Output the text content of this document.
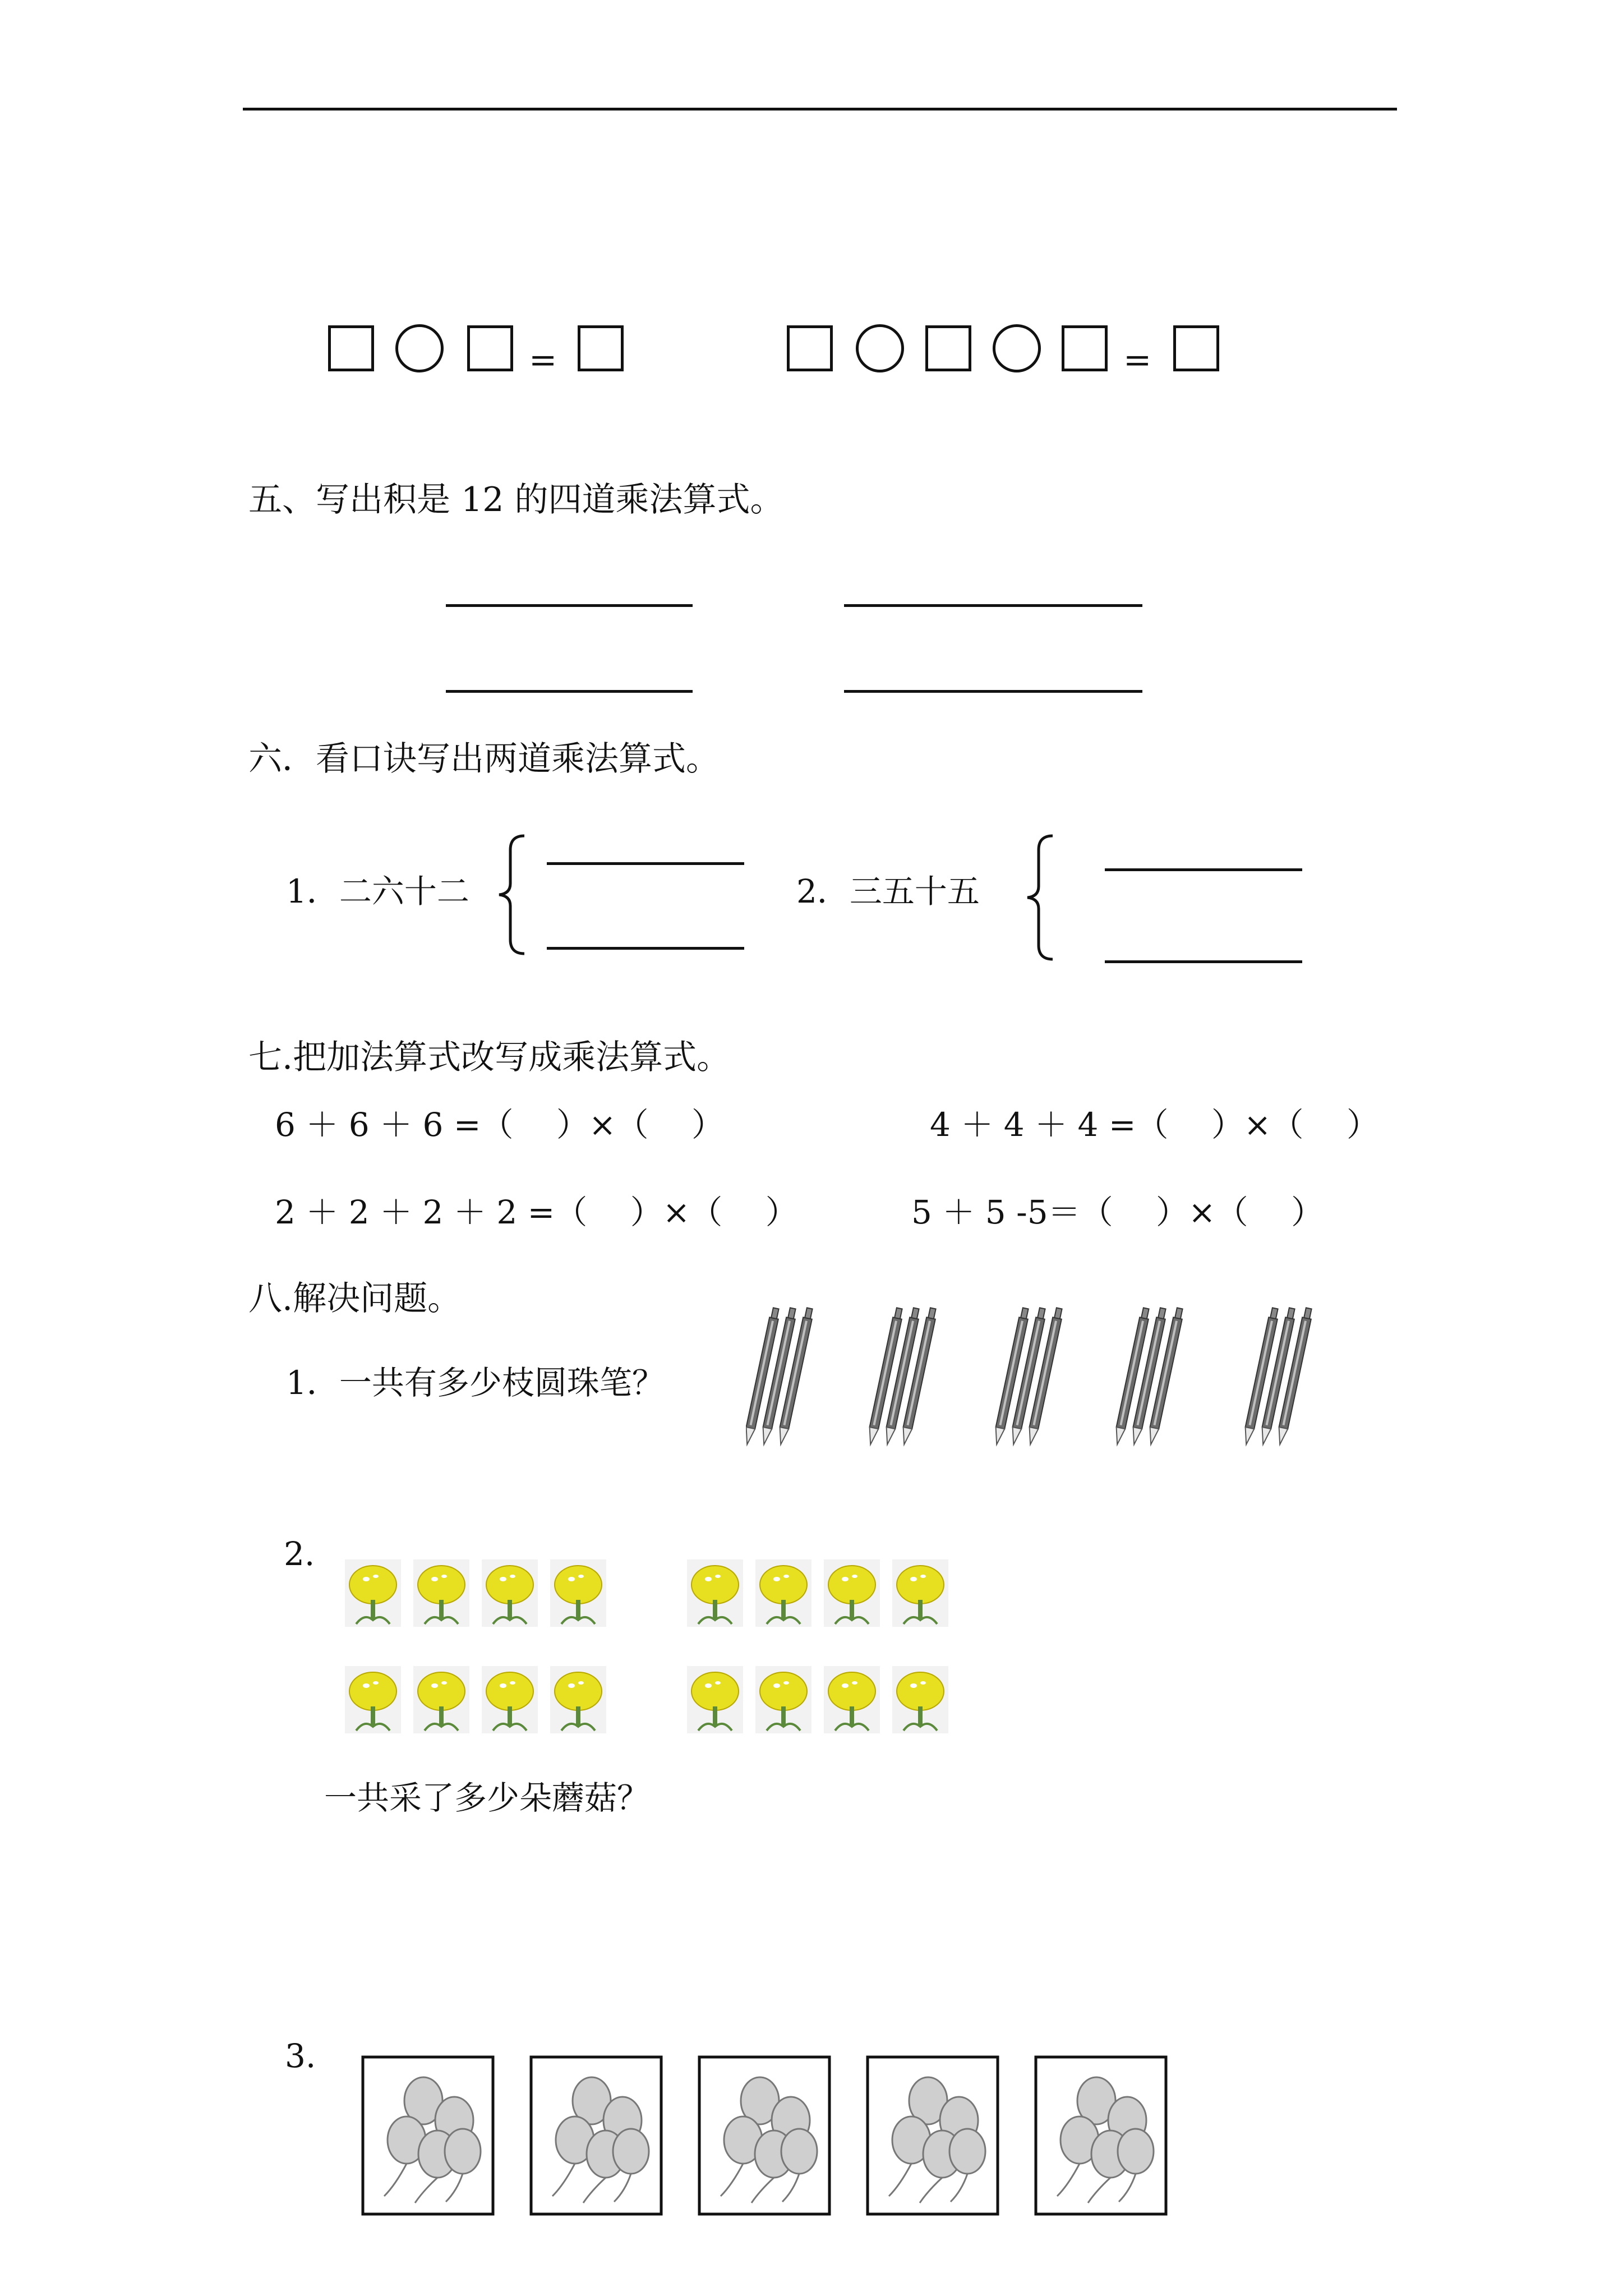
=	=
五、写出积是 12 的四道乘法算式。
六．看口诀写出两道乘法算式。
1．二六十二	2．三五十五
七.把加法算式改写成乘法算式。
6 ＋ 6 ＋ 6 =（　 ）×（　 ）	4 ＋ 4 ＋ 4 =（　 ）×（　 ）
2 ＋ 2 ＋ 2 ＋ 2 =（　 ）×（　 ）	5 ＋ 5 -5＝（　 ）×（　 ）
八.解决问题。
1．一共有多少枝圆珠笔？
2.
一共采了多少朵蘑菇？
3.
